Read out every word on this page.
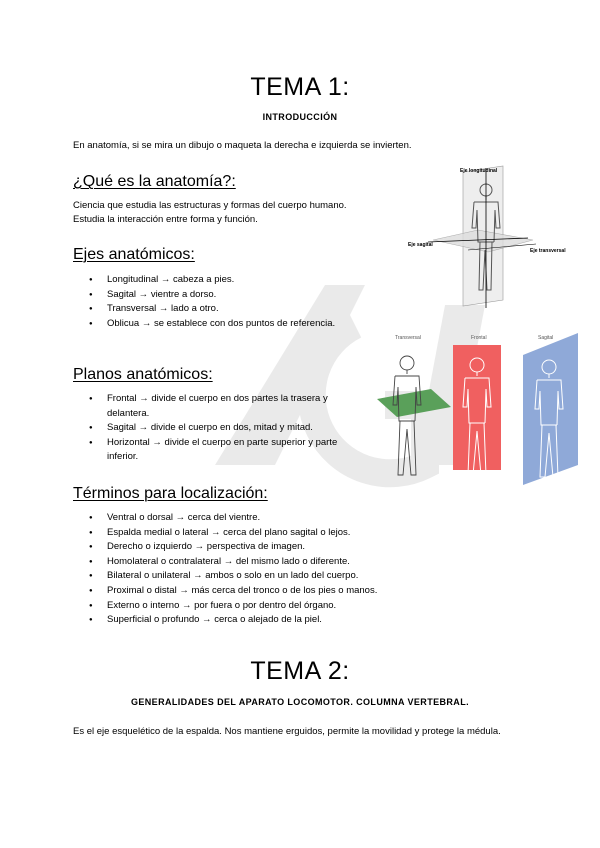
TEMA 1:
INTRODUCCIÓN
En anatomía, si se mira un dibujo o maqueta la derecha e izquierda se invierten.
¿Qué es la anatomía?:
Ciencia que estudia las estructuras y formas del cuerpo humano.
Estudia la interacción entre forma y función.
Ejes anatómicos:
● Longitudinal → cabeza a pies.
● Sagital → vientre a dorso.
● Transversal → lado a otro.
● Oblicua → se establece con dos puntos de referencia.
Planos anatómicos:
● Frontal → divide el cuerpo en dos partes la trasera y delantera.
● Sagital → divide el cuerpo en dos, mitad y mitad.
● Horizontal → divide el cuerpo en parte superior y parte inferior.
Términos para localización:
● Ventral o dorsal → cerca del vientre.
● Espalda medial o lateral → cerca del plano sagital o lejos.
● Derecho o izquierdo → perspectiva de imagen.
● Homolateral o contralateral → del mismo lado o diferente.
● Bilateral o unilateral → ambos o solo en un lado del cuerpo.
● Proximal o distal → más cerca del tronco o de los pies o manos.
● Externo o interno → por fuera o por dentro del órgano.
● Superficial o profundo → cerca o alejado de la piel.
Eje longitudinal
Eje sagital
Eje transversal
Transversal	Frontal	Sagital
TEMA 2:
GENERALIDADES DEL APARATO LOCOMOTOR. COLUMNA VERTEBRAL.
Es el eje esquelético de la espalda. Nos mantiene erguidos, permite la movilidad y protege la médula.
